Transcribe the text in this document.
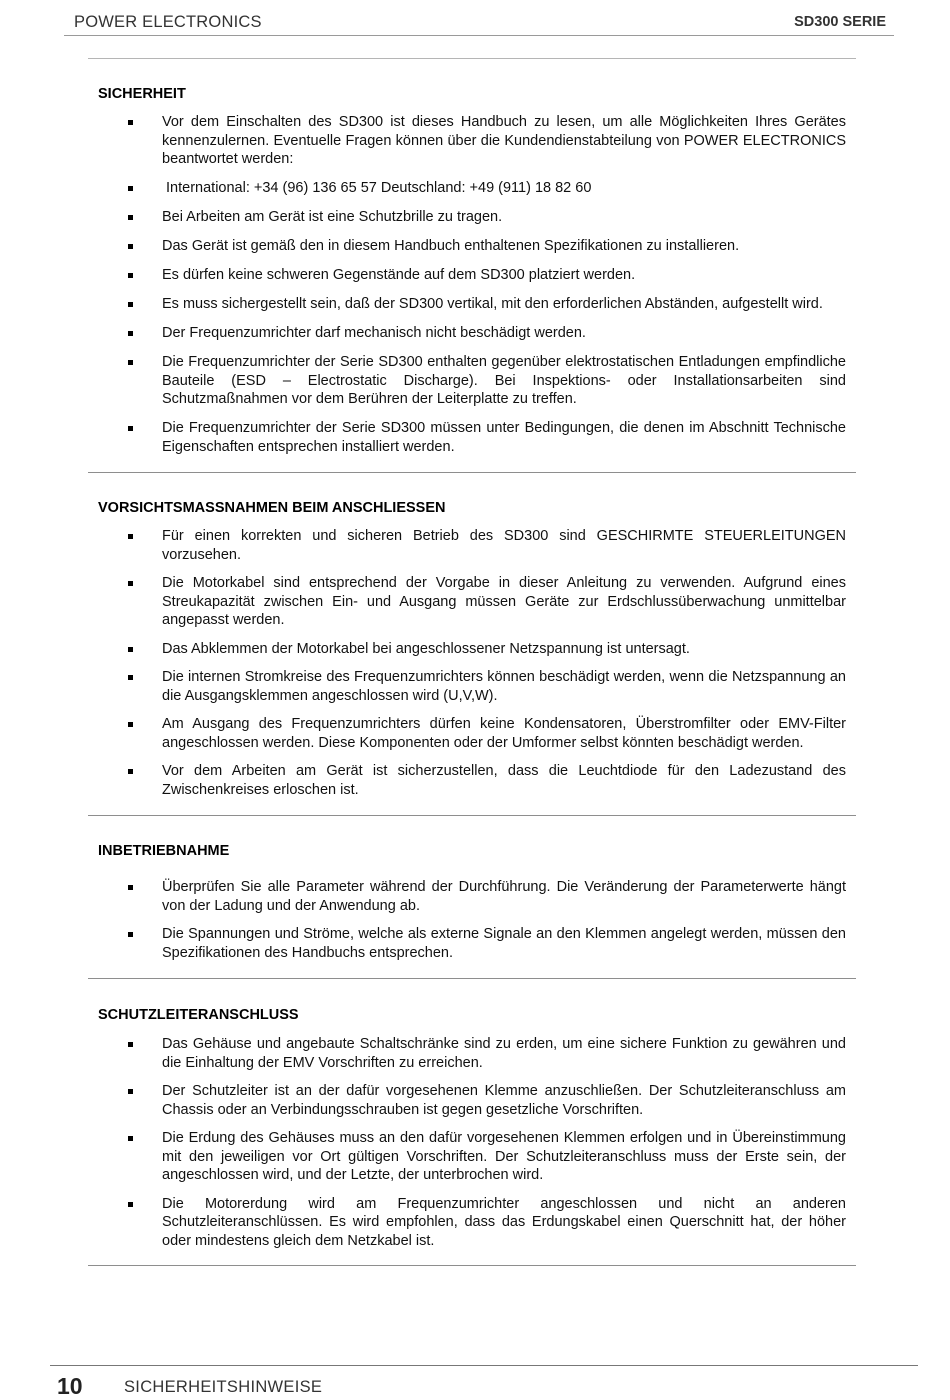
POWER ELECTRONICS	SD300 SERIE
SICHERHEIT
Vor dem Einschalten des SD300 ist dieses Handbuch zu lesen, um alle Möglichkeiten Ihres Gerätes kennenzulernen. Eventuelle Fragen können über die Kundendienstabteilung von POWER ELECTRONICS beantwortet werden:
International: +34 (96) 136 65 57 Deutschland: +49 (911) 18 82 60
Bei Arbeiten am Gerät ist eine Schutzbrille zu tragen.
Das Gerät ist gemäß den in diesem Handbuch enthaltenen Spezifikationen zu installieren.
Es dürfen keine schweren Gegenstände auf dem SD300 platziert werden.
Es muss sichergestellt sein, daß der SD300 vertikal, mit den erforderlichen Abständen, aufgestellt wird.
Der Frequenzumrichter darf mechanisch nicht beschädigt werden.
Die Frequenzumrichter der Serie SD300 enthalten gegenüber elektrostatischen Entladungen empfindliche Bauteile (ESD – Electrostatic Discharge). Bei Inspektions- oder Installationsarbeiten sind Schutzmaßnahmen vor dem Berühren der Leiterplatte zu treffen.
Die Frequenzumrichter der Serie SD300 müssen unter Bedingungen, die denen im Abschnitt Technische Eigenschaften entsprechen installiert werden.
VORSICHTSMASSNAHMEN BEIM ANSCHLIESSEN
Für einen korrekten und sicheren Betrieb des SD300 sind GESCHIRMTE STEUERLEITUNGEN vorzusehen.
Die Motorkabel sind entsprechend der Vorgabe in dieser Anleitung zu verwenden. Aufgrund eines Streukapazität zwischen Ein- und Ausgang müssen Geräte zur Erdschlussüberwachung unmittelbar angepasst werden.
Das Abklemmen der Motorkabel bei angeschlossener Netzspannung ist untersagt.
Die internen Stromkreise des Frequenzumrichters können beschädigt werden, wenn die Netzspannung an die Ausgangsklemmen angeschlossen wird (U,V,W).
Am Ausgang des Frequenzumrichters dürfen keine Kondensatoren, Überstromfilter oder EMV-Filter angeschlossen werden. Diese Komponenten oder der Umformer selbst könnten beschädigt werden.
Vor dem Arbeiten am Gerät ist sicherzustellen, dass die Leuchtdiode für den Ladezustand des Zwischenkreises erloschen ist.
INBETRIEBNAHME
Überprüfen Sie alle Parameter während der Durchführung. Die Veränderung der Parameterwerte hängt von der Ladung und der Anwendung ab.
Die Spannungen und Ströme, welche als externe Signale an den Klemmen angelegt werden, müssen den Spezifikationen des Handbuchs entsprechen.
SCHUTZLEITERANSCHLUSS
Das Gehäuse und angebaute Schaltschränke sind zu erden, um eine sichere Funktion zu gewähren und die Einhaltung der EMV Vorschriften zu erreichen.
Der Schutzleiter ist an der dafür vorgesehenen Klemme anzuschließen. Der Schutzleiteranschluss am Chassis oder an Verbindungsschrauben ist gegen gesetzliche Vorschriften.
Die Erdung des Gehäuses muss an den dafür vorgesehenen Klemmen erfolgen und in Übereinstimmung mit den jeweiligen vor Ort gültigen Vorschriften. Der Schutzleiteranschluss muss der Erste sein, der angeschlossen wird, und der Letzte, der unterbrochen wird.
Die Motorerdung wird am Frequenzumrichter angeschlossen und nicht an anderen Schutzleiteranschlüssen. Es wird empfohlen, dass das Erdungskabel einen Querschnitt hat, der höher oder mindestens gleich dem Netzkabel ist.
10	SICHERHEITSHINWEISE
